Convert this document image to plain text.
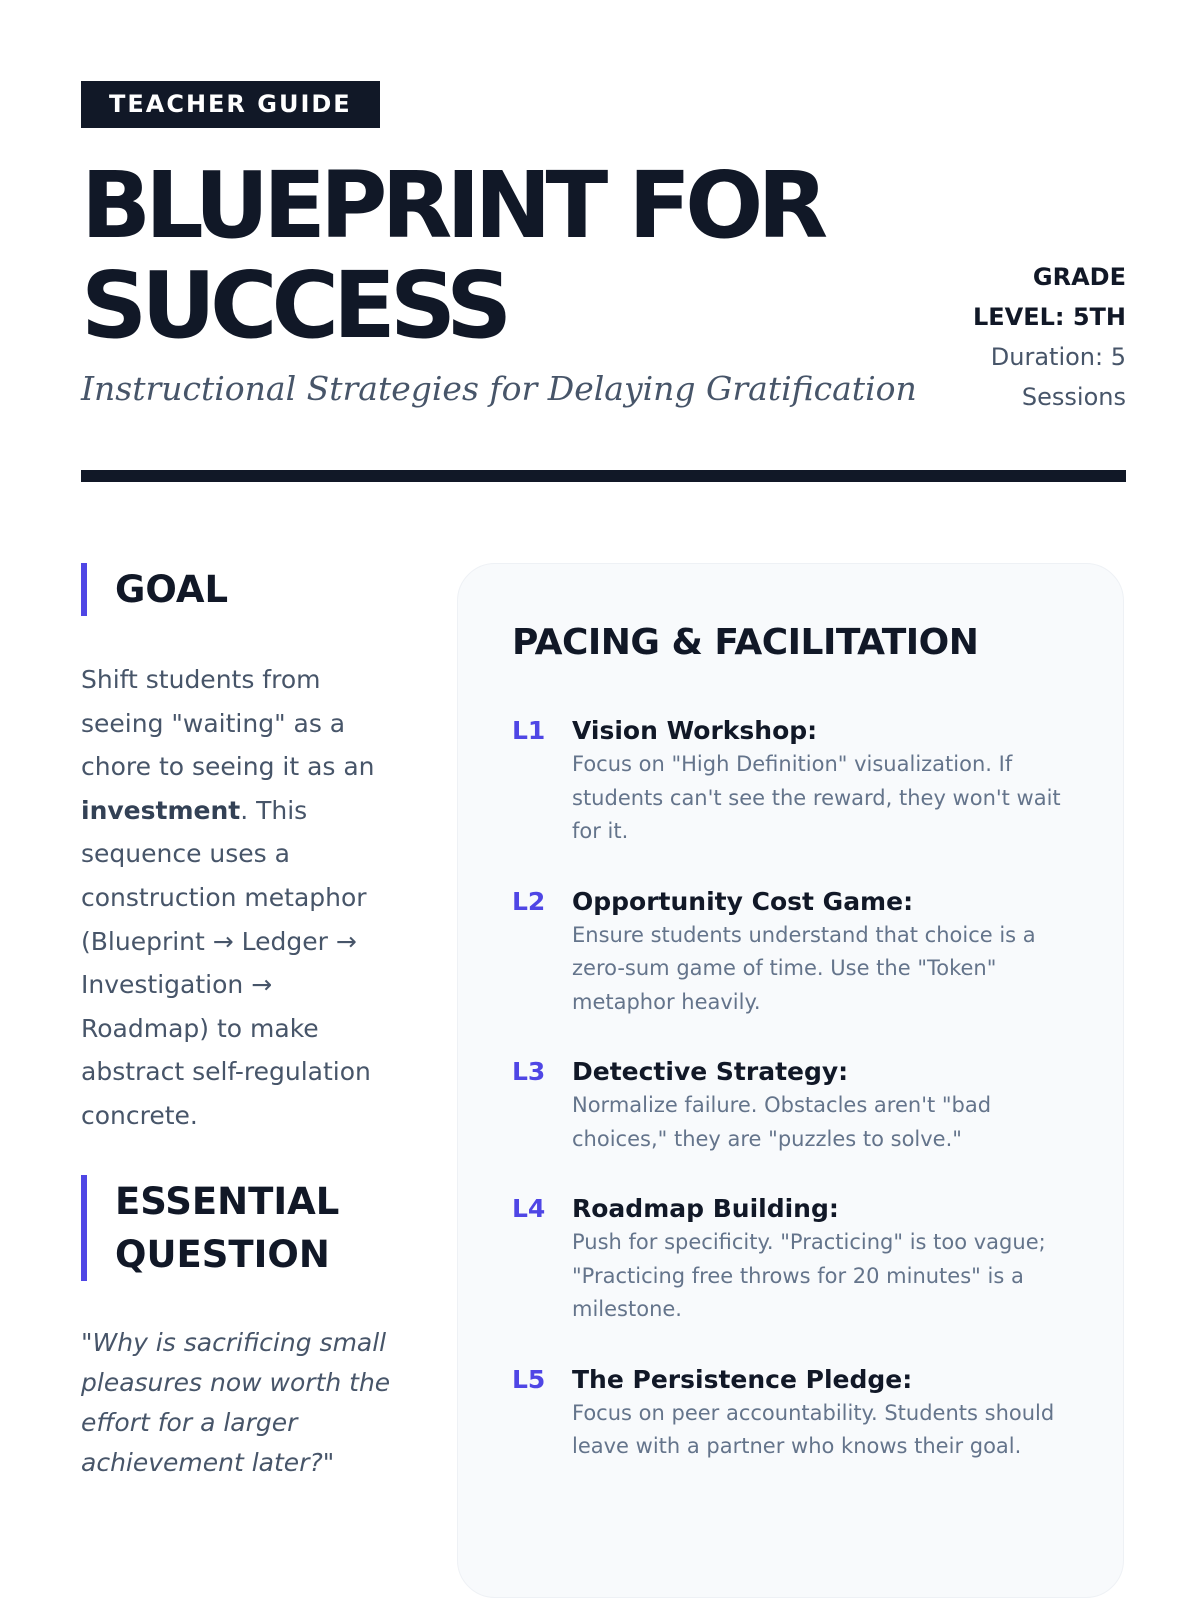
TEACHER GUIDE
BLUEPRINT FOR
SUCCESS
Instructional Strategies for Delaying Gratification
GRADE LEVEL: 5TH
Duration: 5 Sessions
GOAL

Shift students from seeing "waiting" as a chore to seeing it as an investment. This sequence uses a construction metaphor (Blueprint → Ledger → Investigation → Roadmap) to make abstract self-regulation concrete.

ESSENTIAL QUESTION

"Why is sacrificing small pleasures now worth the effort for a larger achievement later?"

PACING & FACILITATION
L1	Vision Workshop:
Focus on "High Definition" visualization. If students can't see the reward, they won't wait for it.
L2	Opportunity Cost Game:
Ensure students understand that choice is a zero-sum game of time. Use the "Token" metaphor heavily.
L3	Detective Strategy:
Normalize failure. Obstacles aren't "bad choices," they are "puzzles to solve."
L4	Roadmap Building:
Push for specificity. "Practicing" is too vague; "Practicing free throws for 20 minutes" is a milestone.
L5	The Persistence Pledge:
Focus on peer accountability. Students should leave with a partner who knows their goal.
